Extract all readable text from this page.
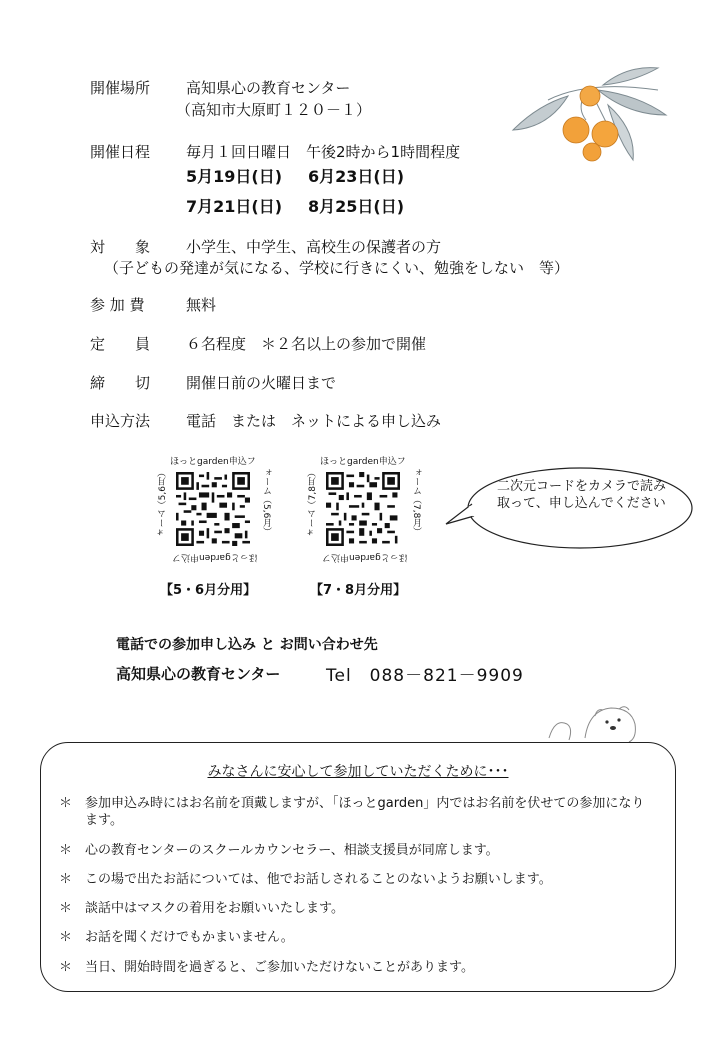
開催場所 高知県心の教育センター
（高知市大原町１２０－１）
開催日程 毎月１回日曜日　午後2時から1時間程度
5月19日(日) 6月23日(日)
7月21日(日) 8月25日(日)
対　　象 小学生、中学生、高校生の保護者の方
（子どもの発達が気になる、学校に行きにくい、勉強をしない　等）
参 加 費	無料
定　　員 ６名程度　＊２名以上の参加で開催
締　　切 開催日前の火曜日まで
申込方法 電話　または　ネットによる申し込み
ほっとgarden申込フ
ォーム（5,6月）
ォーム（5,6月）
ほっとgarden申込フ
【5・6月分用】
ほっとgarden申込フ
ォーム（7,8月）
ォーム（7,8月）
ほっとgarden申込フ
【7・8月分用】
二次元コードをカメラで読み取って、申し込んでください
電話での参加申し込み と お問い合わせ先
高知県心の教育センター	Tel　088－821－9909
みなさんに安心して参加していただくために･･･
＊ 参加申込み時にはお名前を頂戴しますが、「ほっとgarden」内ではお名前を伏せての参加になります。
＊ 心の教育センターのスクールカウンセラー、相談支援員が同席します。
＊ この場で出たお話については、他でお話しされることのないようお願いします。
＊ 談話中はマスクの着用をお願いいたします。
＊ お話を聞くだけでもかまいません。
＊ 当日、開始時間を過ぎると、ご参加いただけないことがあります。
